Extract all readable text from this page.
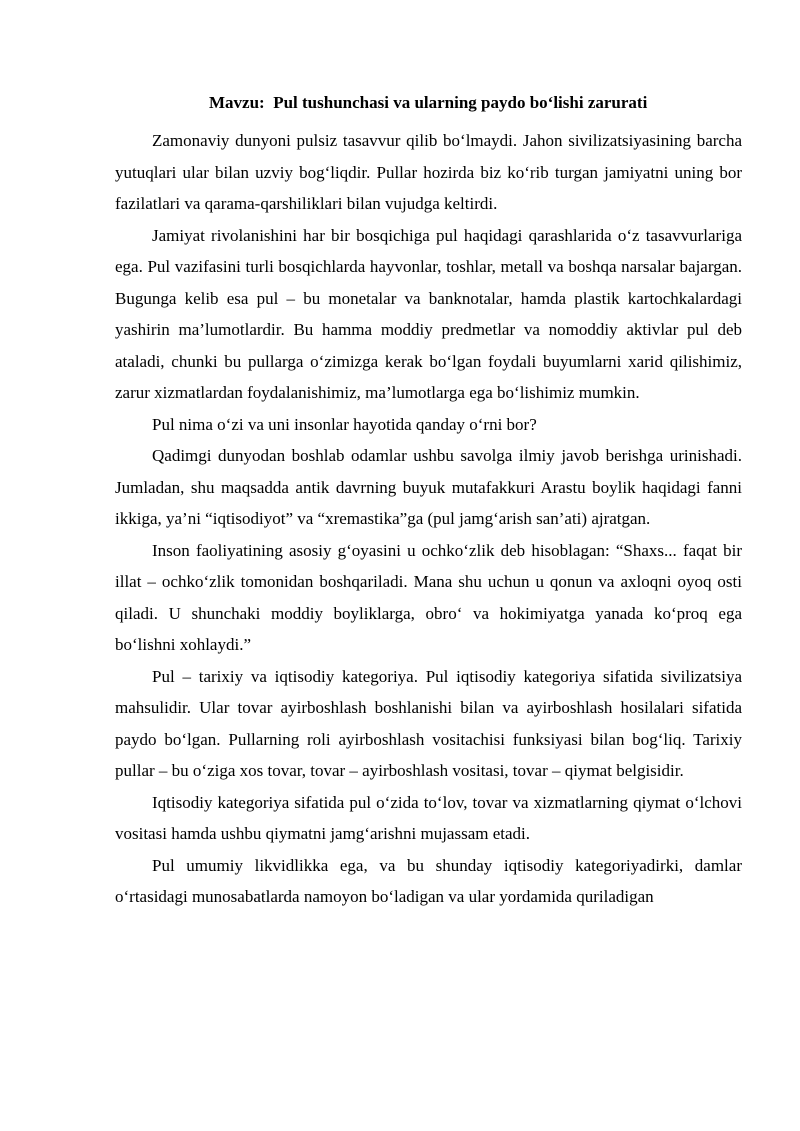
Mavzu:  Pul tushunchasi va ularning paydo bo‘lishi zarurati

Zamonaviy dunyoni pulsiz tasavvur qilib bo‘lmaydi. Jahon sivilizatsiyasining barcha yutuqlari ular bilan uzviy bog‘liqdir. Pullar hozirda biz ko‘rib turgan jamiyatni uning bor fazilatlari va qarama-qarshiliklari bilan vujudga keltirdi.

Jamiyat rivolanishini har bir bosqichiga pul haqidagi qarashlarida o‘z tasavvurlariga ega. Pul vazifasini turli bosqichlarda hayvonlar, toshlar, metall va boshqa narsalar bajargan. Bugunga kelib esa pul – bu monetalar va banknotalar, hamda plastik kartochkalardagi yashirin ma’lumotlardir. Bu hamma moddiy predmetlar va nomoddiy aktivlar pul deb ataladi, chunki bu pullarga o‘zimizga kerak bo‘lgan foydali buyumlarni xarid qilishimiz, zarur xizmatlardan foydalanishimiz, ma’lumotlarga ega bo‘lishimiz mumkin.

Pul nima o‘zi va uni insonlar hayotida qanday o‘rni bor?

Qadimgi dunyodan boshlab odamlar ushbu savolga ilmiy javob berishga urinishadi. Jumladan, shu maqsadda antik davrning buyuk mutafakkuri Arastu boylik haqidagi fanni ikkiga, ya’ni “iqtisodiyot” va “xremastika”ga (pul jamg‘arish san’ati) ajratgan.

Inson faoliyatining asosiy g‘oyasini u ochko‘zlik deb hisoblagan: “Shaxs... faqat bir illat – ochko‘zlik tomonidan boshqariladi. Mana shu uchun u qonun va axloqni oyoq osti qiladi. U shunchaki moddiy boyliklarga, obro‘ va hokimiyatga yanada ko‘proq ega bo‘lishni xohlaydi.”

Pul – tarixiy va iqtisodiy kategoriya. Pul iqtisodiy kategoriya sifatida sivilizatsiya mahsulidir. Ular tovar ayirboshlash boshlanishi bilan va ayirboshlash hosilalari sifatida paydo bo‘lgan. Pullarning roli ayirboshlash vositachisi funksiyasi bilan bog‘liq. Tarixiy pullar – bu o‘ziga xos tovar, tovar – ayirboshlash vositasi, tovar – qiymat belgisidir.

Iqtisodiy kategoriya sifatida pul o‘zida to‘lov, tovar va xizmatlarning qiymat o‘lchovi vositasi hamda ushbu qiymatni jamg‘arishni mujassam etadi.

Pul umumiy likvidlikka ega, va bu shunday iqtisodiy kategoriyadirki, damlar o‘rtasidagi munosabatlarda namoyon bo‘ladigan va ular yordamida quriladigan
